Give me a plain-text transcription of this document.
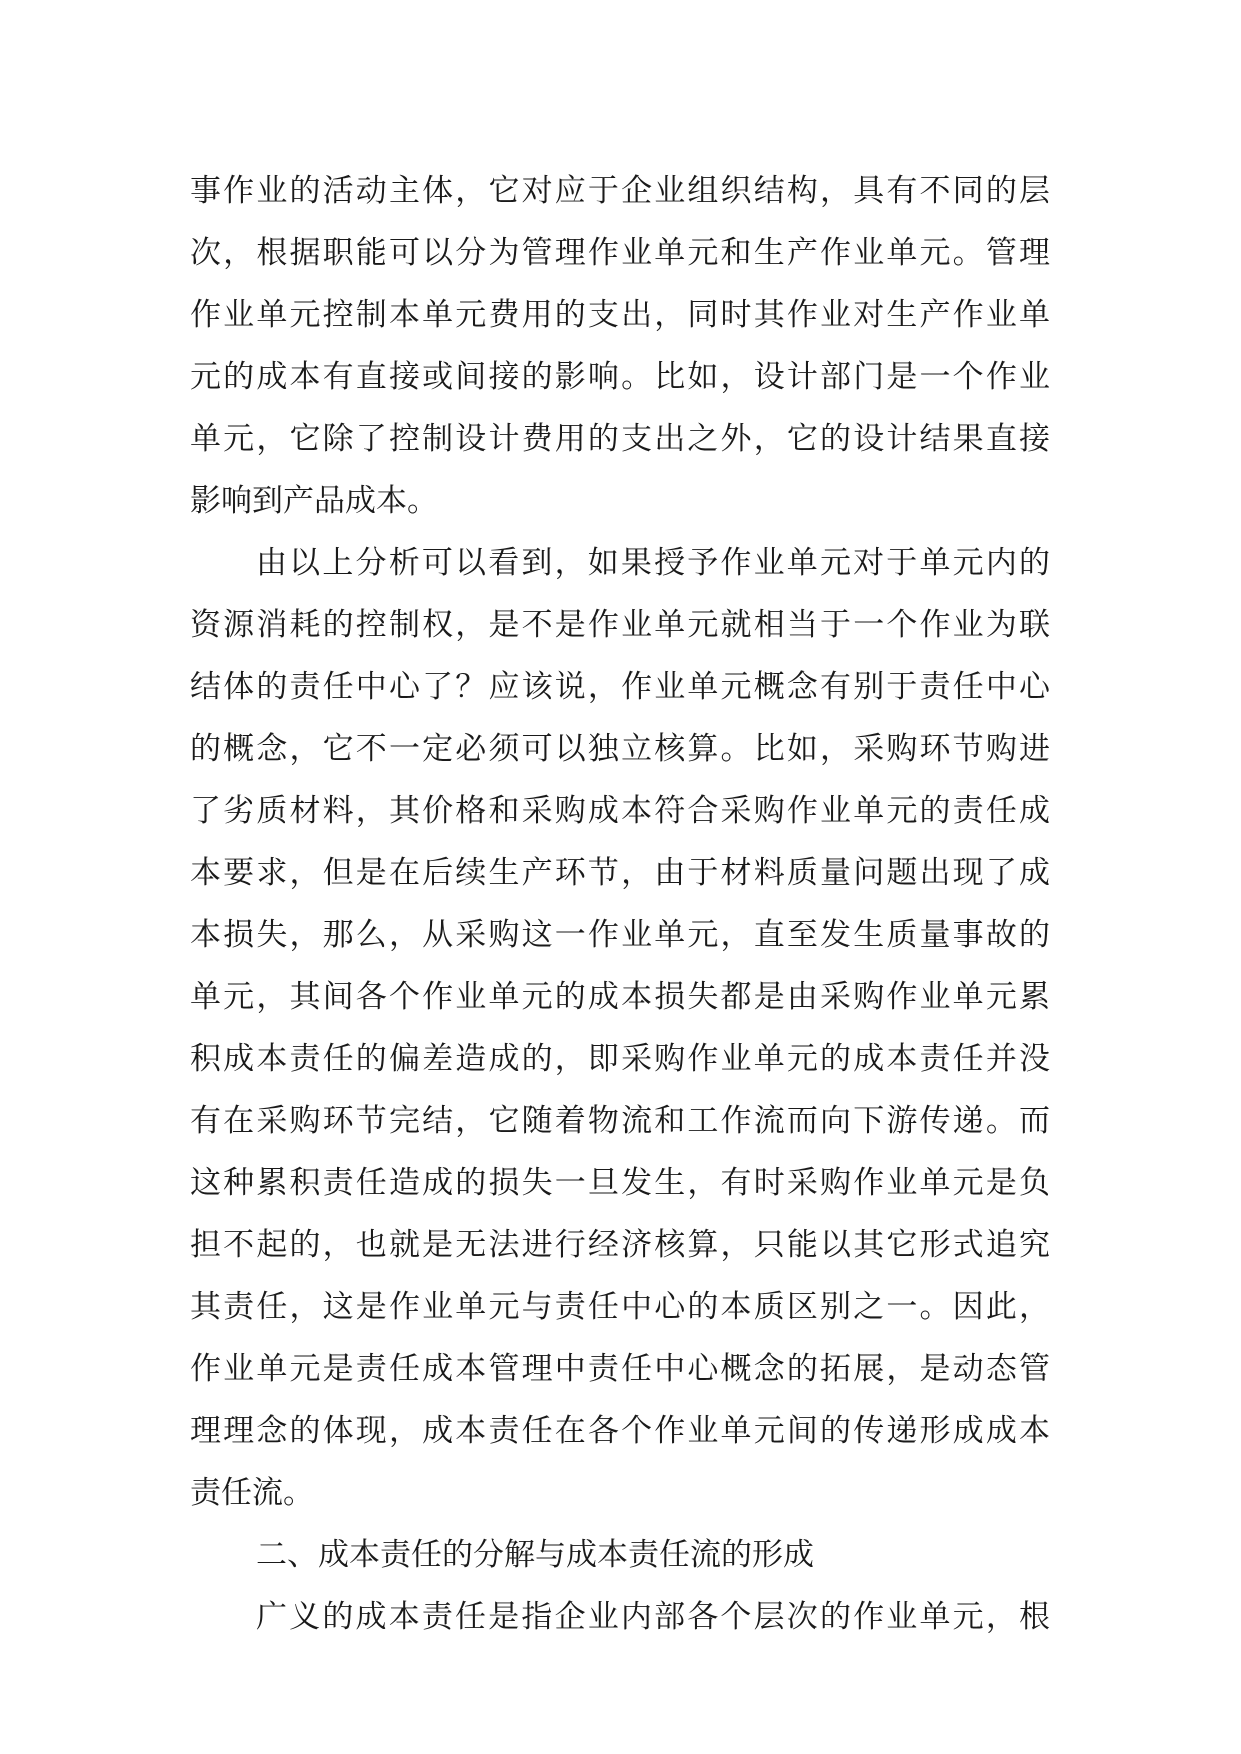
事作业的活动主体，它对应于企业组织结构，具有不同的层
次，根据职能可以分为管理作业单元和生产作业单元。管理
作业单元控制本单元费用的支出，同时其作业对生产作业单
元的成本有直接或间接的影响。比如，设计部门是一个作业
单元，它除了控制设计费用的支出之外，它的设计结果直接
影响到产品成本。
由以上分析可以看到，如果授予作业单元对于单元内的
资源消耗的控制权，是不是作业单元就相当于一个作业为联
结体的责任中心了？应该说，作业单元概念有别于责任中心
的概念，它不一定必须可以独立核算。比如，采购环节购进
了劣质材料，其价格和采购成本符合采购作业单元的责任成
本要求，但是在后续生产环节，由于材料质量问题出现了成
本损失，那么，从采购这一作业单元，直至发生质量事故的
单元，其间各个作业单元的成本损失都是由采购作业单元累
积成本责任的偏差造成的，即采购作业单元的成本责任并没
有在采购环节完结，它随着物流和工作流而向下游传递。而
这种累积责任造成的损失一旦发生，有时采购作业单元是负
担不起的，也就是无法进行经济核算，只能以其它形式追究
其责任，这是作业单元与责任中心的本质区别之一。因此，
作业单元是责任成本管理中责任中心概念的拓展，是动态管
理理念的体现，成本责任在各个作业单元间的传递形成成本
责任流。
二、成本责任的分解与成本责任流的形成
广义的成本责任是指企业内部各个层次的作业单元，根
